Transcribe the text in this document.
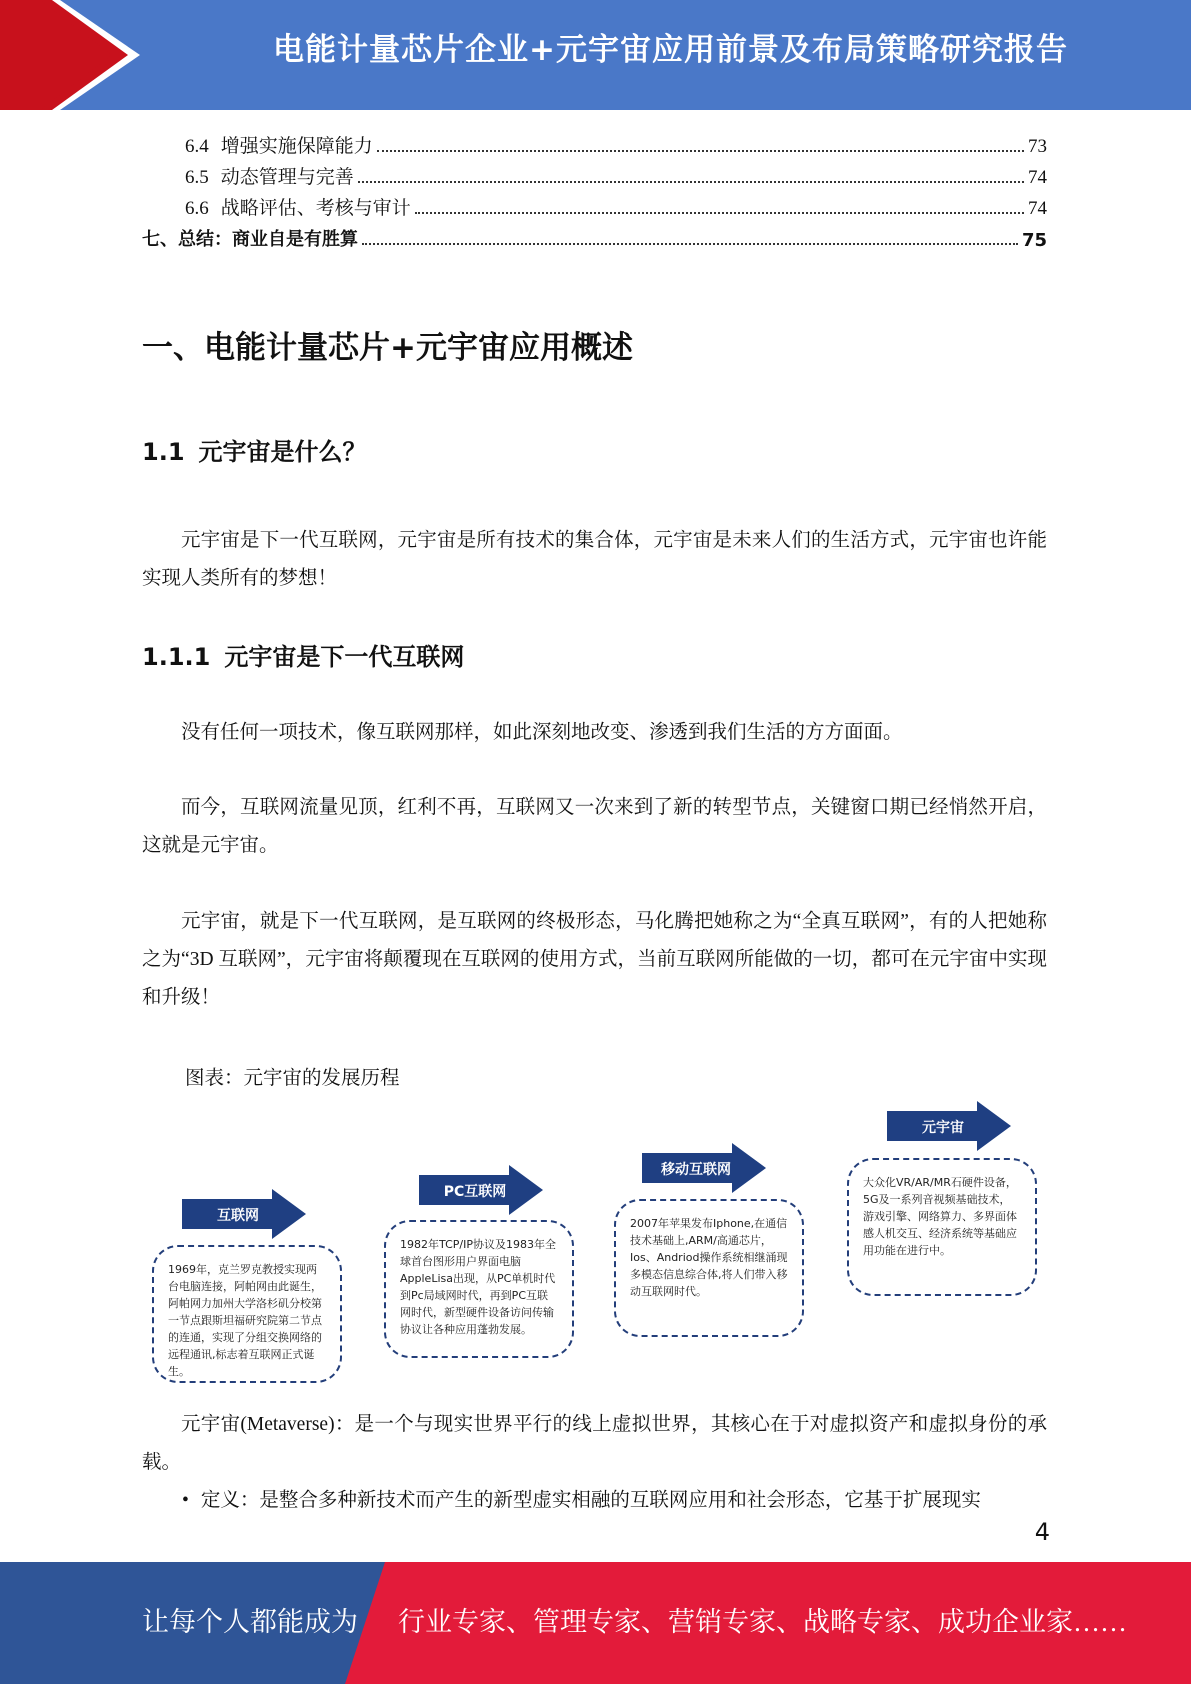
电能计量芯片企业+元宇宙应用前景及布局策略研究报告
6.4 增强实施保障能力	73
6.5 动态管理与完善	74
6.6 战略评估、考核与审计	74
七、总结：商业自是有胜算	75
一、电能计量芯片+元宇宙应用概述
1.1 元宇宙是什么？
元宇宙是下一代互联网，元宇宙是所有技术的集合体，元宇宙是未来人们的生活方式，元宇宙也许能实现人类所有的梦想！
1.1.1 元宇宙是下一代互联网
没有任何一项技术，像互联网那样，如此深刻地改变、渗透到我们生活的方方面面。
而今，互联网流量见顶，红利不再，互联网又一次来到了新的转型节点，关键窗口期已经悄然开启，这就是元宇宙。
元宇宙，就是下一代互联网，是互联网的终极形态，马化腾把她称之为“全真互联网”，有的人把她称之为“3D 互联网”，元宇宙将颠覆现在互联网的使用方式，当前互联网所能做的一切，都可在元宇宙中实现和升级！
图表：元宇宙的发展历程
互联网
1969年，克兰罗克教授实现两台电脑连接，阿帕网由此诞生，阿帕网力加州大学洛杉矶分校第一节点跟斯坦福研究院第二节点的连通，实现了分组交换网络的远程通讯,标志着互联网正式诞生。
PC互联网
1982年TCP/IP协议及1983年全球首台图形用户界面电脑AppleLisa出现，从PC单机时代到Pc局域网时代，再到PC互联网时代，新型硬件设备访问传输协议让各种应用蓬勃发展。
移动互联网
2007年苹果发布Iphone,在通信技术基础上,ARM/高通芯片，Ios、Andriod操作系统相继涌现多模态信息综合体,将人们带入移动互联网时代。
元宇宙
大众化VR/AR/MR石硬件设备，5G及一系列音视频基础技术，游戏引擎、网络算力、多界面体感人机交互、经济系统等基础应用功能在进行中。
元宇宙(Metaverse)：是一个与现实世界平行的线上虚拟世界，其核心在于对虚拟资产和虚拟身份的承载。
• 定义：是整合多种新技术而产生的新型虚实相融的互联网应用和社会形态，它基于扩展现实
4
让每个人都能成为 行业专家、管理专家、营销专家、战略专家、成功企业家……
